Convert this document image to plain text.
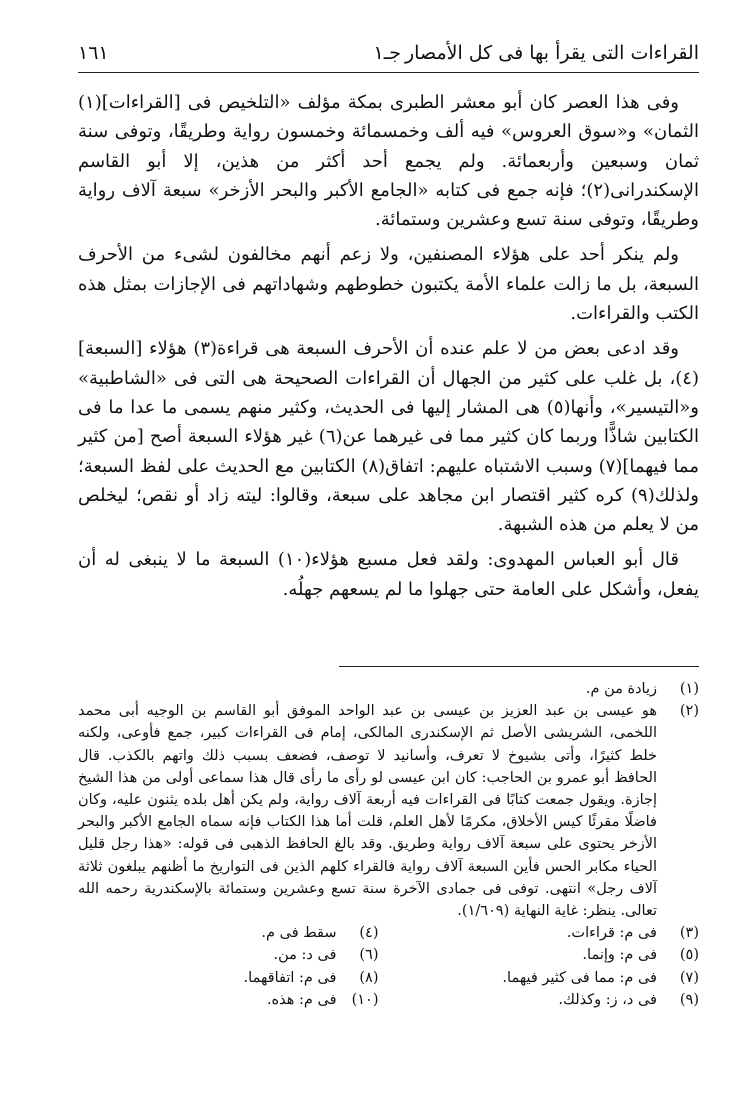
القراءات التى يقرأ بها فى كل الأمصار
جـ١
١٦١

وفى هذا العصر كان أبو معشر الطبرى بمكة مؤلف «التلخيص فى [القراءات](١) الثمان» و«سوق العروس» فيه ألف وخمسمائة وخمسون رواية وطريقًا، وتوفى سنة ثمان وسبعين وأربعمائة. ولم يجمع أحد أكثر من هذين، إلا أبو القاسم الإسكندرانى(٢)؛ فإنه جمع فى كتابه «الجامع الأكبر والبحر الأزخر» سبعة آلاف رواية وطريقًا، وتوفى سنة تسع وعشرين وستمائة.

ولم ينكر أحد على هؤلاء المصنفين، ولا زعم أنهم مخالفون لشىء من الأحرف السبعة، بل ما زالت علماء الأمة يكتبون خطوطهم وشهاداتهم فى الإجازات بمثل هذه الكتب والقراءات.

وقد ادعى بعض من لا علم عنده أن الأحرف السبعة هى قراءة(٣) هؤلاء [السبعة](٤)، بل غلب على كثير من الجهال أن القراءات الصحيحة هى التى فى «الشاطبية» و«التيسير»، وأنها(٥) هى المشار إليها فى الحديث، وكثير منهم يسمى ما عدا ما فى الكتابين شاذًّا وربما كان كثير مما فى غيرهما عن(٦) غير هؤلاء السبعة أصح [من كثير مما فيهما](٧) وسبب الاشتباه عليهم: اتفاق(٨) الكتابين مع الحديث على لفظ السبعة؛ ولذلك(٩) كره كثير اقتصار ابن مجاهد على سبعة، وقالوا: ليته زاد أو نقص؛ ليخلص من لا يعلم من هذه الشبهة.

قال أبو العباس المهدوى: ولقد فعل مسبع هؤلاء(١٠) السبعة ما لا ينبغى له أن يفعل، وأشكل على العامة حتى جهلوا ما لم يسعهم جهلُه.

(١)
زيادة من م.
(٢)
هو عيسى بن عبد العزيز بن عيسى بن عبد الواحد الموفق أبو القاسم بن الوجيه أبى محمد اللخمى، الشريشى الأصل ثم الإسكندرى المالكى، إمام فى القراءات كبير، جمع فأوعى، ولكنه خلط كثيرًا، وأتى بشيوخ لا تعرف، وأسانيد لا توصف، فضعف بسبب ذلك واتهم بالكذب. قال الحافظ أبو عمرو بن الحاجب: كان ابن عيسى لو رأى ما رأى قال هذا سماعى أولى من هذا الشيخ إجازة. ويقول جمعت كتابًا فى القراءات فيه أربعة آلاف رواية، ولم يكن أهل بلده يثنون عليه، وكان فاضلًا مقرئًا كيس الأخلاق، مكرمًا لأهل العلم، قلت أما هذا الكتاب فإنه سماه الجامع الأكبر والبحر الأزخر يحتوى على سبعة آلاف رواية وطريق. وقد بالغ الحافظ الذهبى فى قوله: «هذا رجل قليل الحياء مكابر الحس فأين السبعة آلاف رواية فالقراء كلهم الذين فى التواريخ ما أظنهم يبلغون ثلاثة آلاف رجل» انتهى. توفى فى جمادى الآخرة سنة تسع وعشرين وستمائة بالإسكندرية رحمه الله تعالى. ينظر: غاية النهاية (١/٦٠٩).
(٣)
فى م: قراءات.
(٤)
سقط فى م.
(٥)
فى م: وإنما.
(٦)
فى د: من.
(٧)
فى م: مما فى كثير فيهما.
(٨)
فى م: اتفاقهما.
(٩)
فى د، ز: وكذلك.
(١٠)
فى م: هذه.
